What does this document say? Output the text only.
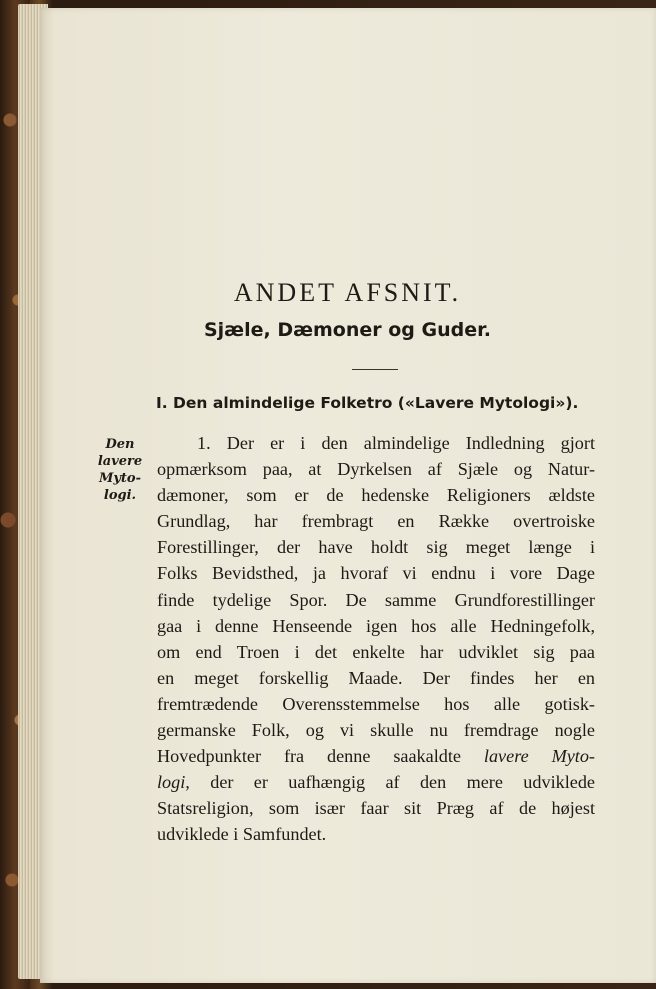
ANDET AFSNIT.
Sjæle, Dæmoner og Guder.
I. Den almindelige Folketro («Lavere Mytologi»).
Den
lavere
Myto-
logi.
1. Der er i den almindelige Indledning gjort
opmærksom paa, at Dyrkelsen af Sjæle og Natur-
dæmoner, som er de hedenske Religioners ældste
Grundlag, har frembragt en Række overtroiske
Forestillinger, der have holdt sig meget længe i
Folks Bevidsthed, ja hvoraf vi endnu i vore Dage
finde tydelige Spor. De samme Grundforestillinger
gaa i denne Henseende igen hos alle Hedningefolk,
om end Troen i det enkelte har udviklet sig paa
en meget forskellig Maade. Der findes her en
fremtrædende Overensstemmelse hos alle gotisk-
germanske Folk, og vi skulle nu fremdrage nogle
Hovedpunkter fra denne saakaldte lavere Myto-
logi, der er uafhængig af den mere udviklede
Statsreligion, som især faar sit Præg af de højest
udviklede i Samfundet.
